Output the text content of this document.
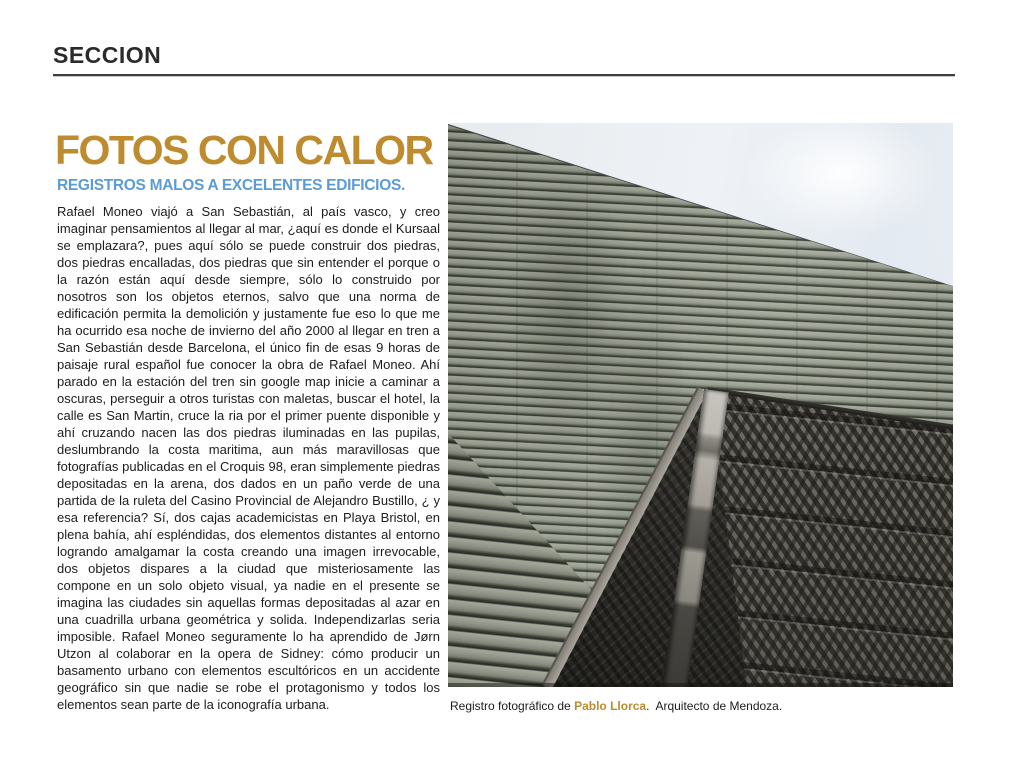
SECCION
FOTOS CON CALOR
REGISTROS MALOS A EXCELENTES EDIFICIOS.

Rafael Moneo viajó a San Sebastián, al país vasco, y creo imaginar pensamientos al llegar al mar, ¿aquí es donde el Kursaal se emplazara?, pues aquí sólo se puede construir dos piedras, dos piedras encalladas, dos piedras que sin entender el porque o la razón están aquí desde siempre, sólo lo construido por nosotros son los objetos eternos, salvo que una norma de edificación permita la demolición y justamente fue eso lo que me ha ocurrido esa noche de invierno del año 2000 al llegar en tren a San Sebastián desde Barcelona, el único fin de esas 9 horas de paisaje rural español fue conocer la obra de Rafael Moneo. Ahí parado en la estación del tren sin google map inicie a caminar a oscuras, perseguir a otros turistas con maletas, buscar el hotel, la calle es San Martin, cruce la ria por el primer puente disponible y ahí cruzando nacen las dos piedras iluminadas en las pupilas, deslumbrando la costa maritima, aun más maravillosas que fotografías publicadas en el Croquis 98, eran simplemente piedras depositadas en la arena, dos dados en un paño verde de una partida de la ruleta del Casino Provincial de Alejandro Bustillo, ¿ y esa referencia? Sí, dos cajas academicistas en Playa Bristol, en plena bahía, ahí espléndidas, dos elementos distantes al entorno logrando amalgamar la costa creando una imagen irrevocable, dos objetos dispares a la ciudad que misteriosamente las compone en un solo objeto visual, ya nadie en el presente se imagina las ciudades sin aquellas formas depositadas al azar en una cuadrilla urbana geométrica y solida. Independizarlas seria imposible. Rafael Moneo seguramente lo ha aprendido de Jørn Utzon al colaborar en la opera de Sidney: cómo producir un basamento urbano con elementos escultóricos en un accidente geográfico sin que nadie se robe el protagonismo y todos los elementos sean parte de la iconografía urbana.	Registro fotográfico de Pablo Llorca.  Arquitecto de Mendoza.
